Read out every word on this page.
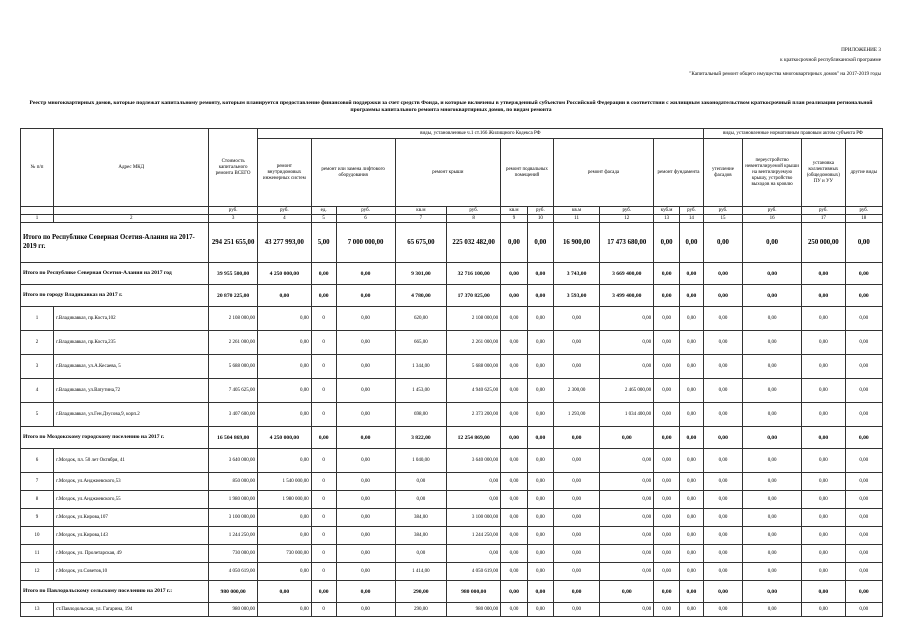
ПРИЛОЖЕНИЕ 3
к краткосрочной республиканской программе
"Капитальный ремонт общего имущества многоквартирных домов" на 2017-2019 годы
Реестр многоквартирных домов, которые подлежат капитальному ремонту, которым планируется предоставление финансовой поддержки за счет средств Фонда, и которые включены в утвержденный субъектом Российской Федерации в соответствии с жилищным законодательством краткосрочный план реализации региональной программы капитального ремонта многоквартирных домов, по видам ремонта
№ п/п	Адрес МКД	Стоимость капитального ремонта ВСЕГО	виды, установленные ч.1 ст.166 Жилищного Кодекса РФ											виды, установленные нормативным правовым актом субъекта РФ			
			ремонт внутридомовых инженерных систем	ремонт или замена лифтового оборудования		ремонт крыши		ремонт подвальных помещений		ремонт фасада		ремонт фундамента		утепление фасадов	переустройство невентилируемой крыши на вентилируемую крышу, устройство выходов на кровлю	установка коллективных (общедомовых) ПУ и УУ	другие виды
		руб.	руб.	ед.	руб.	кв.м	руб.	кв.м	руб.	кв.м	руб.	куб.м	руб.	руб.	руб.	руб.	руб.
1	2	3	4	5	6	7	8	9	10	11	12	13	14	15	16	17	18
Итого по Республике Северная Осетия-Алания на 2017-2019 гг.		294 251 655,00	43 277 993,00	5,00	7 000 000,00	65 675,00	225 032 482,00	0,00	0,00	16 900,00	17 473 680,00	0,00	0,00	0,00	0,00	250 000,00	0,00
Итого по Республике Северная Осетия-Алания на 2017 год		39 955 500,00	4 250 000,00	0,00	0,00	9 301,00	32 716 100,00	0,00	0,00	3 743,00	3 669 400,00	0,00	0,00	0,00	0,00	0,00	0,00
Итого по городу Владикавказ на 2017 г.		20 870 225,00	0,00	0,00	0,00	4 780,00	17 370 825,00	0,00	0,00	3 593,00	3 499 400,00	0,00	0,00	0,00	0,00	0,00	0,00
1	г.Владикавказ, пр.Коста,102	2 108 000,00	0,00	0	0,00	620,00	2 108 000,00	0,00	0,00	0,00	0,00	0,00	0,00	0,00	0,00	0,00	0,00
2	г.Владикавказ, пр.Коста,235	2 261 000,00	0,00	0	0,00	665,00	2 261 000,00	0,00	0,00	0,00	0,00	0,00	0,00	0,00	0,00	0,00	0,00
3	г.Владикавказ, ул.А.Кесаева, 5	5 688 000,00	0,00	0	0,00	1 344,00	5 688 000,00	0,00	0,00	0,00	0,00	0,00	0,00	0,00	0,00	0,00	0,00
4	г.Владикавказ, ул.Ватутина,72	7 405 625,00	0,00	0	0,00	1 453,00	4 940 625,00	0,00	0,00	2 300,00	2 465 000,00	0,00	0,00	0,00	0,00	0,00	0,00
5	г.Владикавказ, ул.Ген.Дзусова,9, корп.2	3 407 600,00	0,00	0	0,00	698,00	2 373 200,00	0,00	0,00	1 293,00	1 034 400,00	0,00	0,00	0,00	0,00	0,00	0,00
Итого по Моздокскому городскому поселению на 2017 г.		16 504 869,00	4 250 000,00	0,00	0,00	3 822,00	12 254 869,00	0,00	0,00	0,00	0,00	0,00	0,00	0,00	0,00	0,00	0,00
6	г.Моздок, пл. 50 лет Октября, 41	3 640 000,00	0,00	0	0,00	1 040,00	3 640 000,00	0,00	0,00	0,00	0,00	0,00	0,00	0,00	0,00	0,00	0,00
7	г.Моздок, ул.Анджиевского,53	850 000,00	1 540 000,00	0	0,00	0,00	0,00	0,00	0,00	0,00	0,00	0,00	0,00	0,00	0,00	0,00	0,00
8	г.Моздок, ул.Анджиевского,55	1 980 000,00	1 980 000,00	0	0,00	0,00	0,00	0,00	0,00	0,00	0,00	0,00	0,00	0,00	0,00	0,00	0,00
9	г.Моздок, ул.Кирова,107	3 100 000,00	0,00	0	0,00	384,00	3 100 000,00	0,00	0,00	0,00	0,00	0,00	0,00	0,00	0,00	0,00	0,00
10	г.Моздок, ул.Кирова,143	1 244 250,00	0,00	0	0,00	384,00	1 244 250,00	0,00	0,00	0,00	0,00	0,00	0,00	0,00	0,00	0,00	0,00
11	г.Моздок, ул. Пролетарская, 49	730 000,00	730 000,00	0	0,00	0,00	0,00	0,00	0,00	0,00	0,00	0,00	0,00	0,00	0,00	0,00	0,00
12	г.Моздок, ул.Советов,10	4 050 619,00	0,00	0	0,00	1 414,00	4 050 619,00	0,00	0,00	0,00	0,00	0,00	0,00	0,00	0,00	0,00	0,00
Итого по Павлодольскому сельскому поселению на 2017 г.:		980 000,00	0,00	0,00	0,00	290,00	980 000,00	0,00	0,00	0,00	0,00	0,00	0,00	0,00	0,00	0,00	0,00
13	ст.Павлодольская, ул. Гагарина, 194	980 000,00	0,00	0	0,00	290,00	980 000,00	0,00	0,00	0,00	0,00	0,00	0,00	0,00	0,00	0,00	0,00
